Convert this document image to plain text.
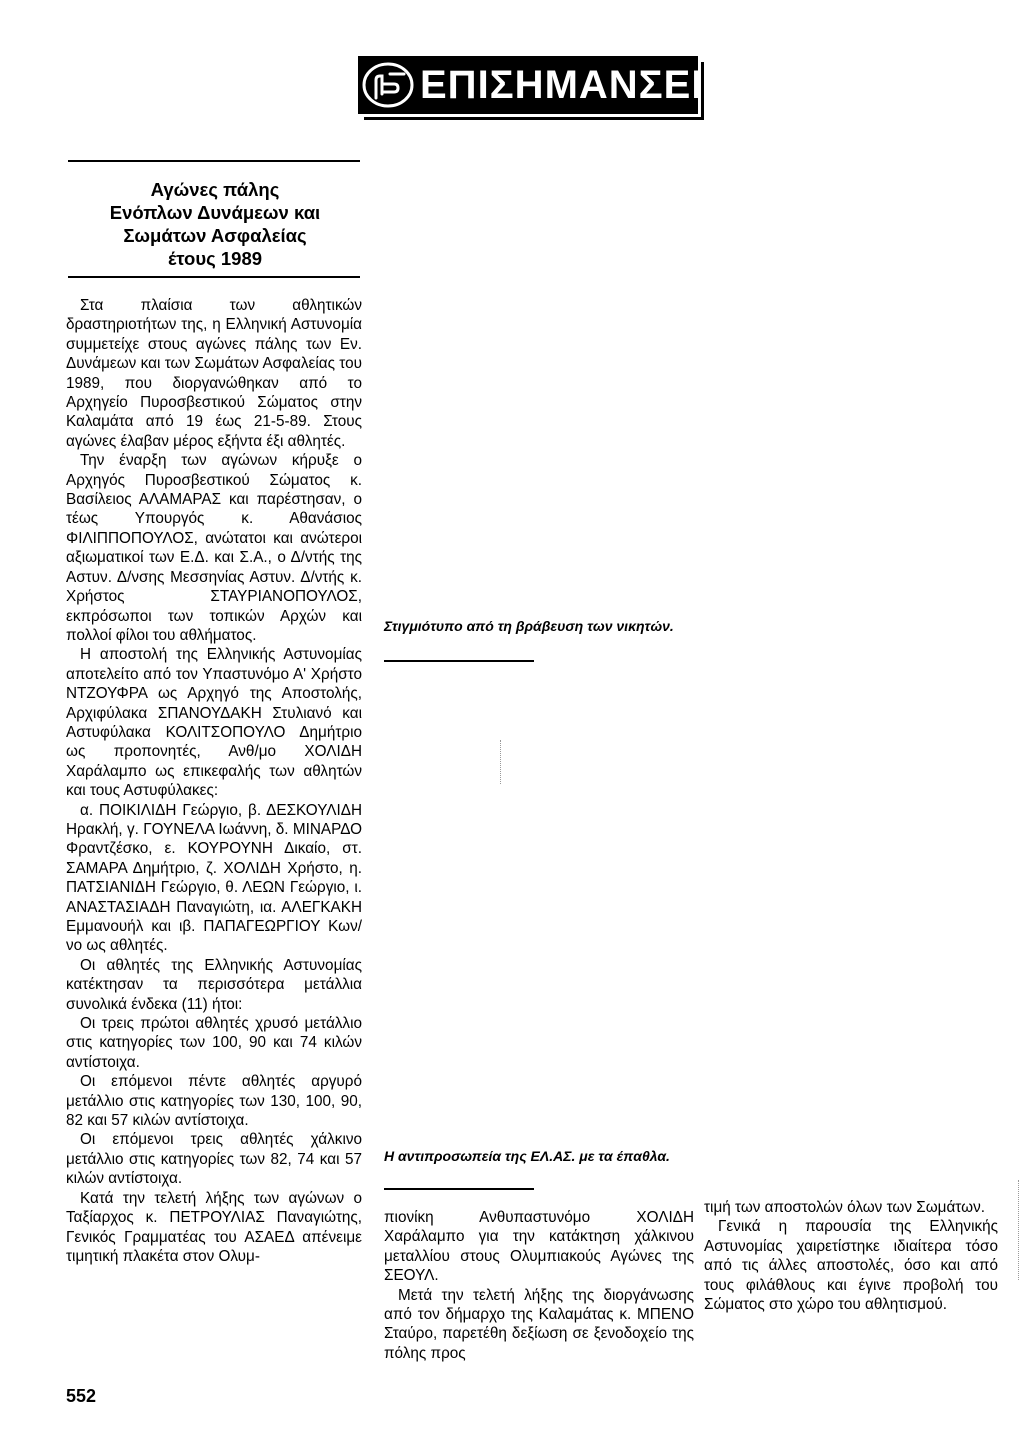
ΕΠΙΣΗΜΑΝΣΕΙΣ
Αγώνες πάλης
Ενόπλων Δυνάμεων και
Σωμάτων Ασφαλείας
έτους 1989

Στα πλαίσια των αθλητικών δραστηριοτήτων της, η Ελληνική Αστυνομία συμμετείχε στους αγώνες πάλης των Εν. Δυνάμεων και των Σωμάτων Ασφαλείας του 1989, που διοργανώθηκαν από το Αρχηγείο Πυροσβεστικού Σώματος στην Καλαμάτα από 19 έως 21-5-89. Στους αγώνες έλαβαν μέρος εξήντα έξι αθλητές.

Την έναρξη των αγώνων κήρυξε ο Αρχηγός Πυροσβεστικού Σώματος κ. Βασίλειος ΑΛΑΜΑΡΑΣ και παρέστησαν, ο τέως Υπουργός κ. Αθανάσιος ΦΙΛΙΠΠΟΠΟΥΛΟΣ, ανώτατοι και ανώτεροι αξιωματικοί των Ε.Δ. και Σ.Α., ο Δ/ντής της Αστυν. Δ/νσης Μεσσηνίας Αστυν. Δ/ντής κ. Χρήστος ΣΤΑΥΡΙΑΝΟΠΟΥΛΟΣ, εκπρόσωποι των τοπικών Αρχών και πολλοί φίλοι του αθλήματος.

Η αποστολή της Ελληνικής Αστυνομίας αποτελείτο από τον Υπαστυνόμο Α' Χρήστο ΝΤΖΟΥΦΡΑ ως Αρχηγό της Αποστολής, Αρχιφύλακα ΣΠΑΝΟΥΔΑΚΗ Στυλιανό και Αστυφύλακα ΚΟΛΙΤΣΟΠΟΥΛΟ Δημήτριο ως προπονητές, Ανθ/μο ΧΟΛΙΔΗ Χαράλαμπο ως επικεφαλής των αθλητών και τους Αστυφύλακες:

α. ΠΟΙΚΙΛΙΔΗ Γεώργιο, β. ΔΕΣΚΟΥΛΙΔΗ Ηρακλή, γ. ΓΟΥΝΕΛΑ Ιωάννη, δ. ΜΙΝΑΡΔΟ Φραντζέσκο, ε. ΚΟΥΡΟΥΝΗ Δικαίο, στ. ΣΑΜΑΡΑ Δημήτριο, ζ. ΧΟΛΙΔΗ Χρήστο, η. ΠΑΤΣΙΑΝΙΔΗ Γεώργιο, θ. ΛΕΩΝ Γεώργιο, ι. ΑΝΑΣΤΑΣΙΑΔΗ Παναγιώτη, ια. ΑΛΕΓΚΑΚΗ Εμμανουήλ και ιβ. ΠΑΠΑΓΕΩΡΓΙΟΥ Κων/νο ως αθλητές.

Οι αθλητές της Ελληνικής Αστυνομίας κατέκτησαν τα περισσότερα μετάλλια συνολικά ένδεκα (11) ήτοι:

Οι τρεις πρώτοι αθλητές χρυσό μετάλλιο στις κατηγορίες των 100, 90 και 74 κιλών αντίστοιχα.

Οι επόμενοι πέντε αθλητές αργυρό μετάλλιο στις κατηγορίες των 130, 100, 90, 82 και 57 κιλών αντίστοιχα.

Οι επόμενοι τρεις αθλητές χάλκινο μετάλλιο στις κατηγορίες των 82, 74 και 57 κιλών αντίστοιχα.

Κατά την τελετή λήξης των αγώνων ο Ταξίαρχος κ. ΠΕΤΡΟΥΛΙΑΣ Παναγιώτης, Γενικός Γραμματέας του ΑΣΑΕΔ απένειμε τιμητική πλακέτα στον Ολυμ-

Στιγμιότυπο από τη βράβευση των νικητών.
Η αντιπροσωπεία της ΕΛ.ΑΣ. με τα έπαθλα.

πιονίκη Ανθυπαστυνόμο ΧΟΛΙΔΗ Χαράλαμπο για την κατάκτηση χάλκινου μεταλλίου στους Ολυμπιακούς Αγώνες της ΣΕΟΥΛ.

Μετά την τελετή λήξης της διοργάνωσης από τον δήμαρχο της Καλαμάτας κ. ΜΠΕΝΟ Σταύρο, παρετέθη δεξίωση σε ξενοδοχείο της πόλης προς

τιμή των αποστολών όλων των Σωμάτων.

Γενικά η παρουσία της Ελληνικής Αστυνομίας χαιρετίστηκε ιδιαίτερα τόσο από τις άλλες αποστολές, όσο και από τους φιλάθλους και έγινε προβολή του Σώματος στο χώρο του αθλητισμού.

552
